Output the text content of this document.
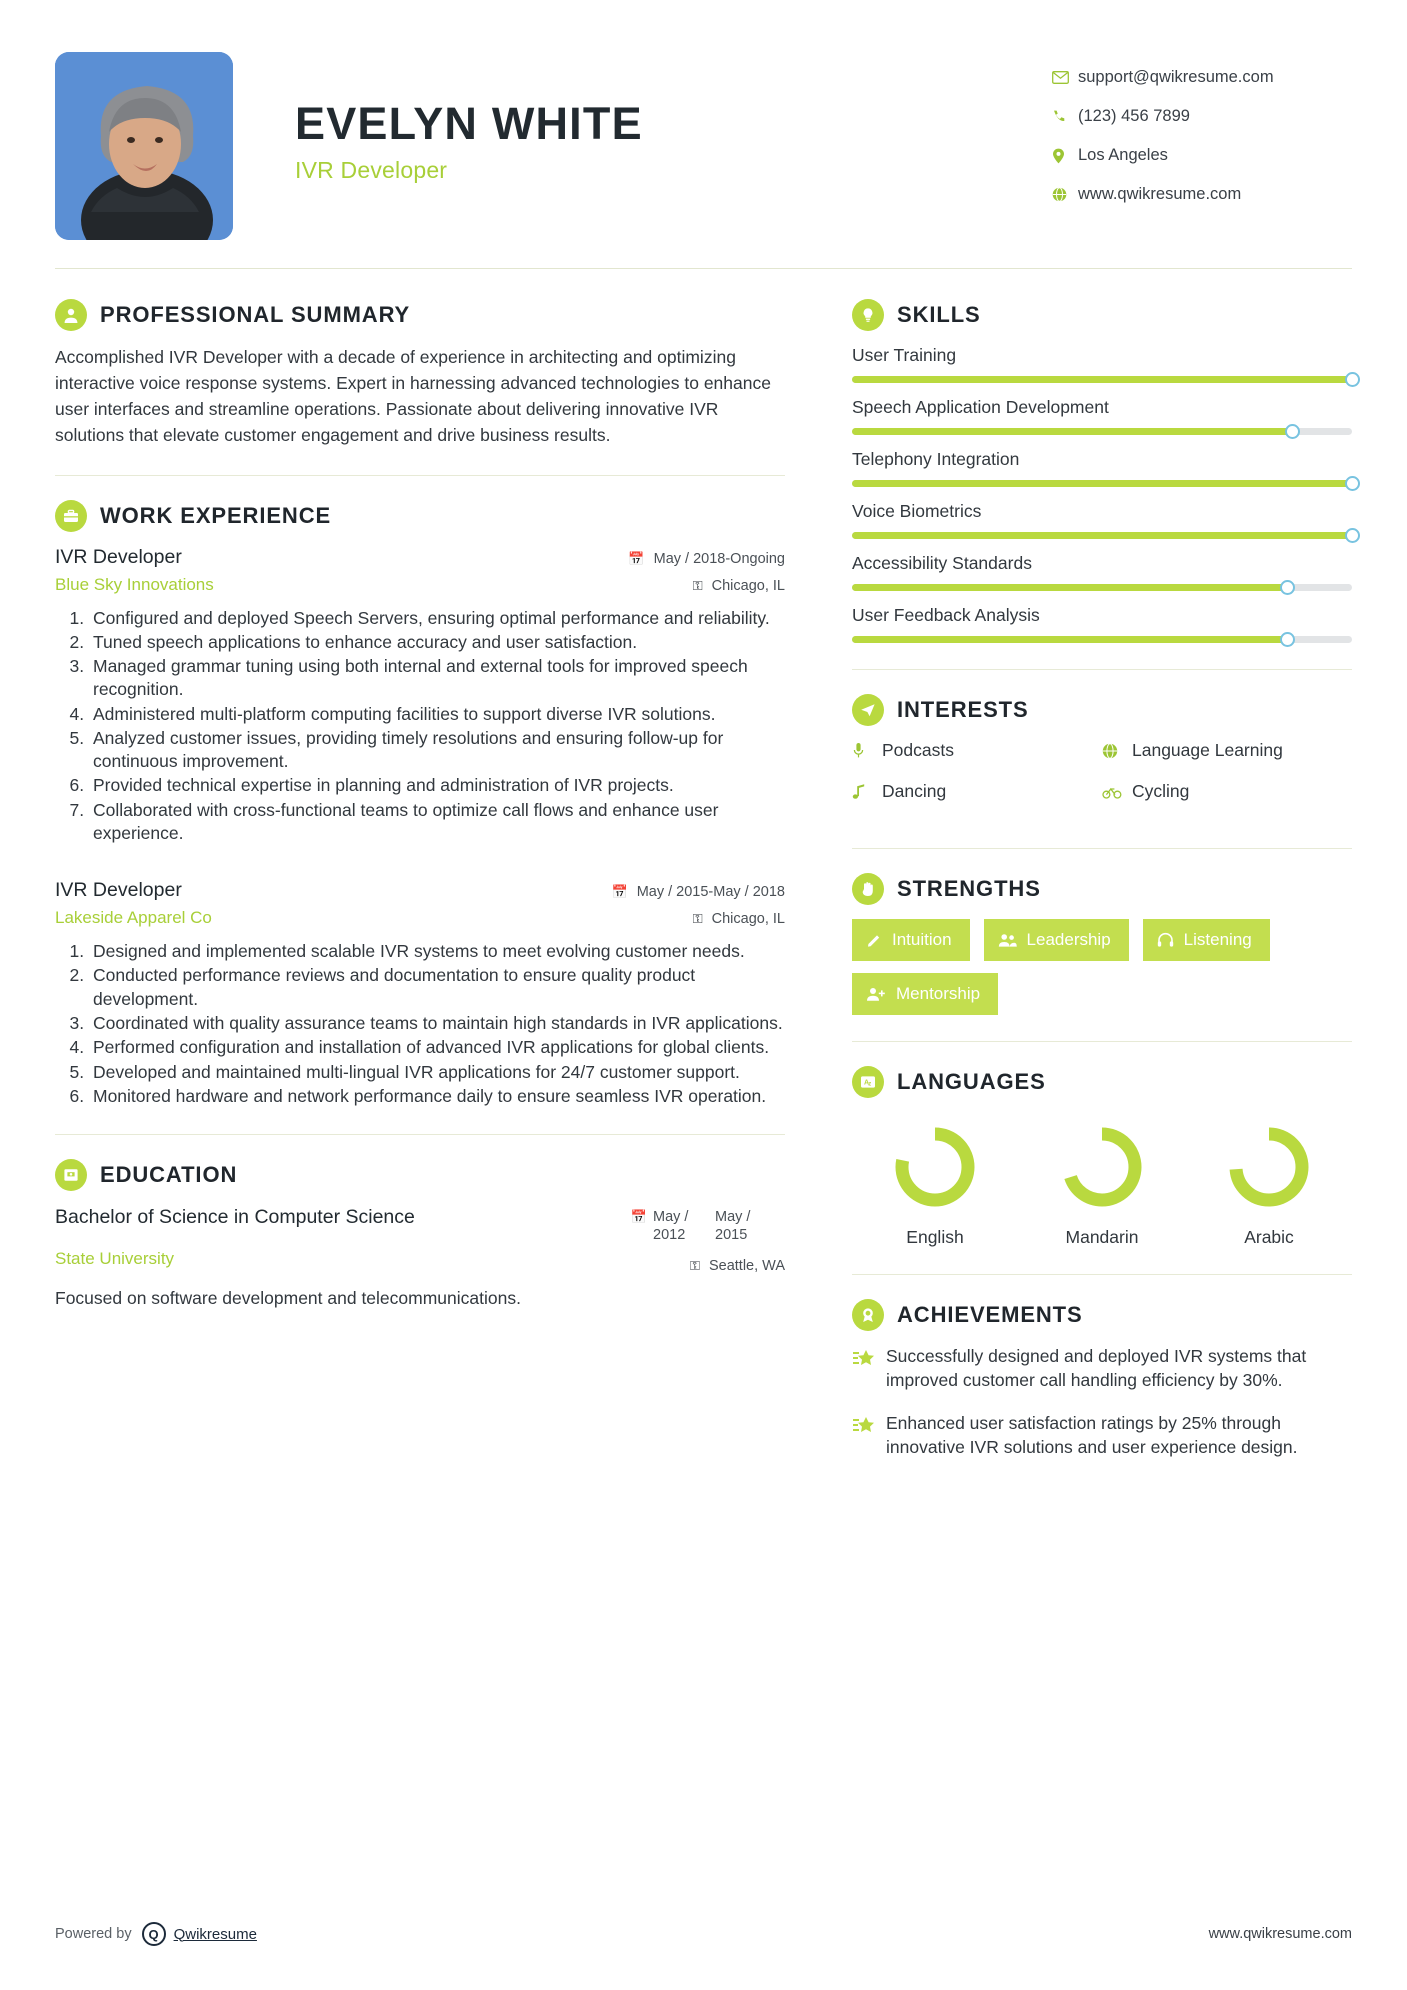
EVELYN WHITE
IVR Developer
support@qwikresume.com
(123) 456 7899
Los Angeles
www.qwikresume.com
PROFESSIONAL SUMMARY
Accomplished IVR Developer with a decade of experience in architecting and optimizing interactive voice response systems. Expert in harnessing advanced technologies to enhance user interfaces and streamline operations. Passionate about delivering innovative IVR solutions that elevate customer engagement and drive business results.
WORK EXPERIENCE
IVR Developer
Blue Sky Innovations
📅 May / 2018-Ongoing
⚿ Chicago, IL
1. Configured and deployed Speech Servers, ensuring optimal performance and reliability.
2. Tuned speech applications to enhance accuracy and user satisfaction.
3. Managed grammar tuning using both internal and external tools for improved speech recognition.
4. Administered multi-platform computing facilities to support diverse IVR solutions.
5. Analyzed customer issues, providing timely resolutions and ensuring follow-up for continuous improvement.
6. Provided technical expertise in planning and administration of IVR projects.
7. Collaborated with cross-functional teams to optimize call flows and enhance user experience.
IVR Developer
Lakeside Apparel Co
📅 May / 2015-May / 2018
⚿ Chicago, IL
1. Designed and implemented scalable IVR systems to meet evolving customer needs.
2. Conducted performance reviews and documentation to ensure quality product development.
3. Coordinated with quality assurance teams to maintain high standards in IVR applications.
4. Performed configuration and installation of advanced IVR applications for global clients.
5. Developed and maintained multi-lingual IVR applications for 24/7 customer support.
6. Monitored hardware and network performance daily to ensure seamless IVR operation.
EDUCATION
Bachelor of Science in Computer Science
State University
📅 May / 2012
May / 2015
⚿ Seattle, WA
Focused on software development and telecommunications.
SKILLS
User Training
Speech Application Development
Telephony Integration
Voice Biometrics
Accessibility Standards
User Feedback Analysis
INTERESTS
Podcasts	Language Learning
Dancing	Cycling
STRENGTHS
Intuition	Leadership	Listening
Mentorship
A z LANGUAGES
English	Mandarin	Arabic
ACHIEVEMENTS
Successfully designed and deployed IVR systems that improved customer call handling efficiency by 30%.
Enhanced user satisfaction ratings by 25% through innovative IVR solutions and user experience design.
Powered by	Q Qwikresume	www.qwikresume.com
